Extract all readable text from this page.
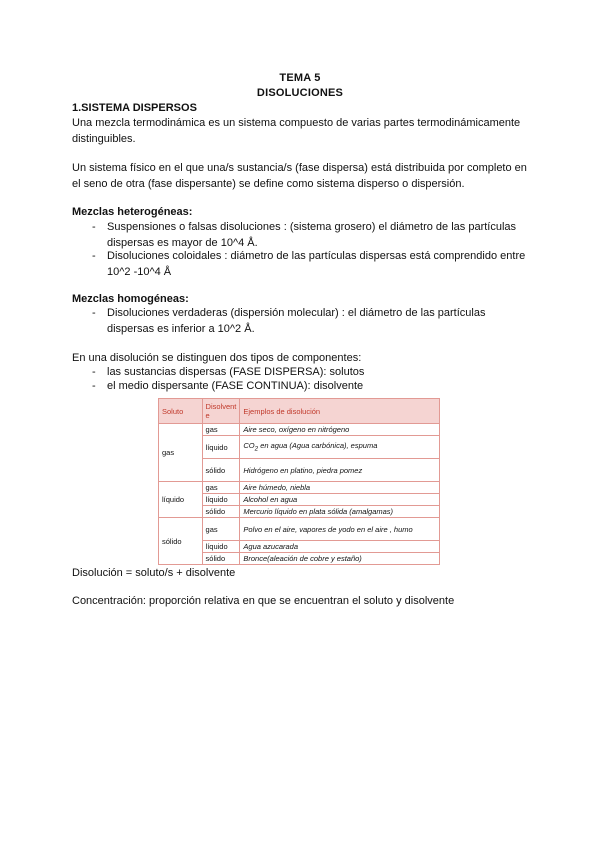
TEMA 5
DISOLUCIONES
1.SISTEMA DISPERSOS
Una mezcla termodinámica es un sistema compuesto de varias partes termodinámicamente distinguibles.
Un sistema físico en el que una/s sustancia/s (fase dispersa) está distribuida por completo en el seno de otra (fase dispersante) se define como sistema disperso o dispersión.
Mezclas heterogéneas:
- Suspensiones o falsas disoluciones : (sistema grosero) el diámetro de las partículas dispersas es mayor de 10^4 Å.
- Disoluciones coloidales : diámetro de las partículas dispersas está comprendido entre 10^2 -10^4 Å
Mezclas homogéneas:
- Disoluciones verdaderas (dispersión molecular) : el diámetro de las partículas dispersas es inferior a 10^2 Å.
En una disolución se distinguen dos tipos de componentes:
- las sustancias dispersas (FASE DISPERSA): solutos
- el medio dispersante (FASE CONTINUA): disolvente
Soluto	Disolvent e	Ejemplos de disolución
gas	gas	Aire seco, oxígeno en nitrógeno
	líquido	$CO_2$ en agua (Agua carbónica), espuma
	sólido	Hidrógeno en platino, piedra pomez
líquido	gas	Aire húmedo, niebla
	líquido	Alcohol en agua
	sólido	Mercurio líquido en plata sólida (amalgamas)
sólido	gas	Polvo en el aire, vapores de yodo en el aire , humo
	líquido	Agua azucarada
	sólido	Bronce(aleación de cobre y estaño)
Disolución = soluto/s + disolvente
Concentración: proporción relativa en que se encuentran el soluto y disolvente
